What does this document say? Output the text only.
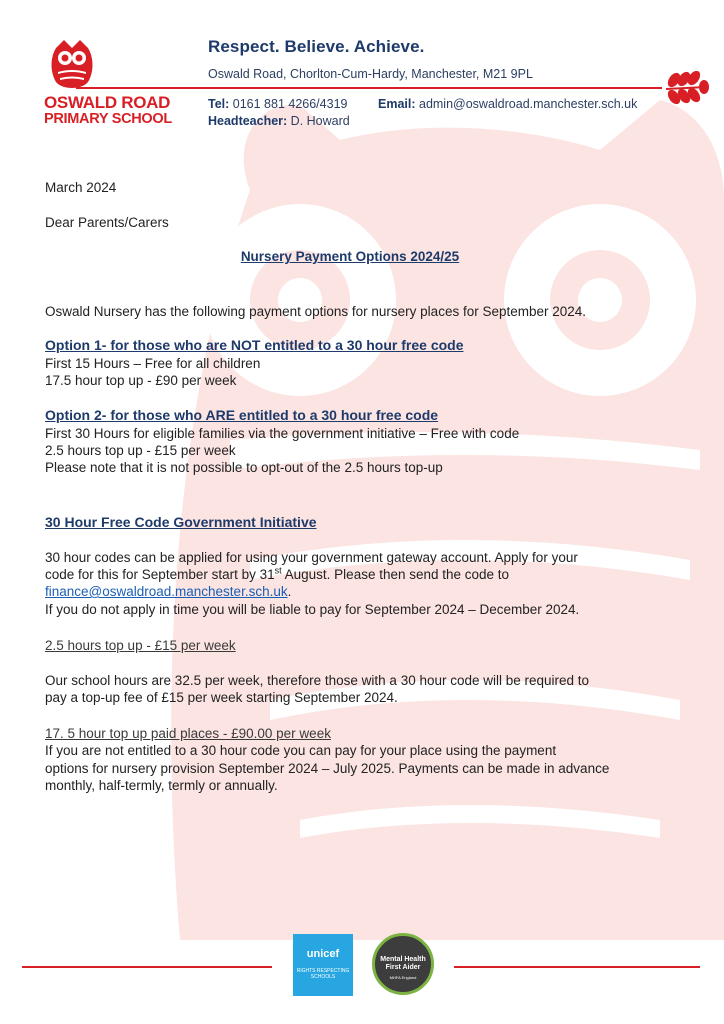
OSWALD ROAD
PRIMARY SCHOOL
Respect. Believe. Achieve.
Oswald Road, Chorlton-Cum-Hardy, Manchester, M21 9PL
Tel: 0161 881 4266/4319 Email: admin@oswaldroad.manchester.sch.uk
Headteacher: D. Howard
March 2024
Dear Parents/Carers
Nursery Payment Options 2024/25
Oswald Nursery has the following payment options for nursery places for September 2024.
Option 1- for those who are NOT entitled to a 30 hour free code
First 15 Hours – Free for all children
17.5 hour top up - £90 per week
Option 2- for those who ARE entitled to a 30 hour free code
First 30 Hours for eligible families via the government initiative – Free with code
2.5 hours top up - £15 per week
Please note that it is not possible to opt-out of the 2.5 hours top-up
30 Hour Free Code Government Initiative
30 hour codes can be applied for using your government gateway account. Apply for your
code for this for September start by 31st August. Please then send the code to
finance@oswaldroad.manchester.sch.uk.
If you do not apply in time you will be liable to pay for September 2024 – December 2024.
2.5 hours top up - £15 per week
Our school hours are 32.5 per week, therefore those with a 30 hour code will be required to
pay a top-up fee of £15 per week starting September 2024.
17. 5 hour top up paid places - £90.00 per week
If you are not entitled to a 30 hour code you can pay for your place using the payment
options for nursery provision September 2024 – July 2025. Payments can be made in advance
monthly, half-termly, termly or annually.
unicef
RIGHTS RESPECTING SCHOOLS
Mental Health First Aider
MHFA England
